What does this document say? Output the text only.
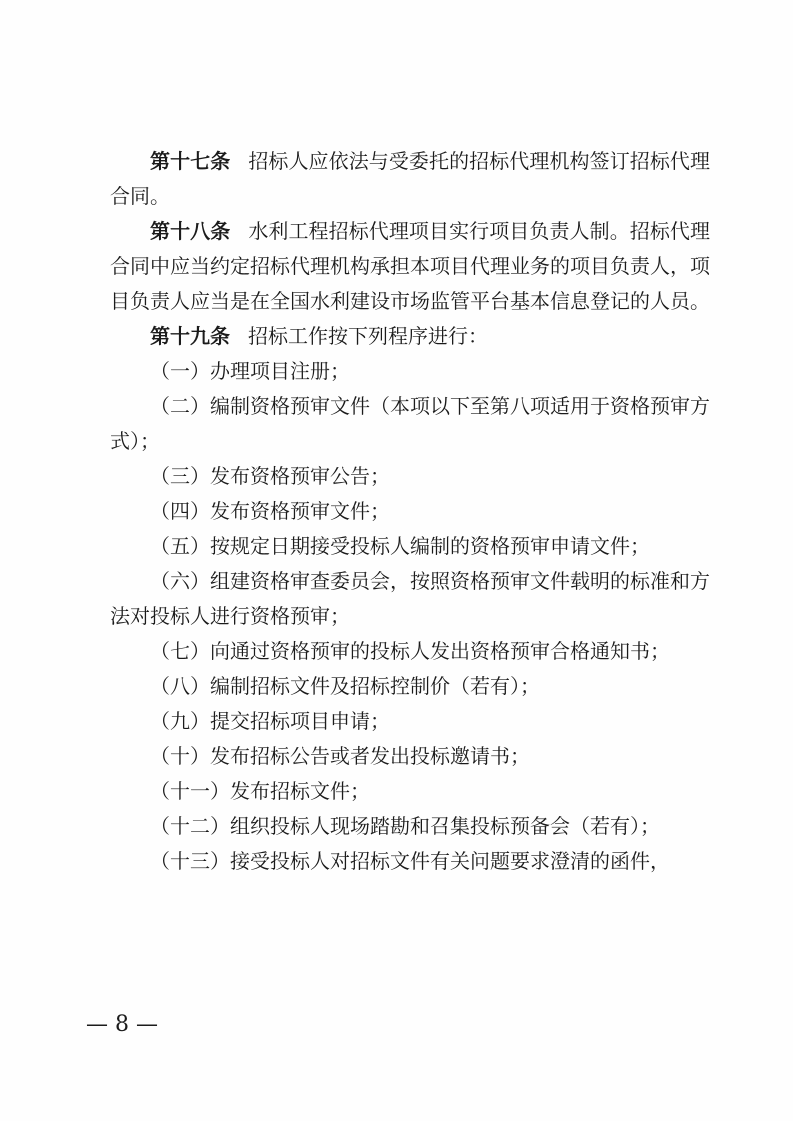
第十七条 招标人应依法与受委托的招标代理机构签订招标代理合同。

第十八条 水利工程招标代理项目实行项目负责人制。招标代理合同中应当约定招标代理机构承担本项目代理业务的项目负责人，项目负责人应当是在全国水利建设市场监管平台基本信息登记的人员。

第十九条 招标工作按下列程序进行：

（一）办理项目注册；

（二）编制资格预审文件（本项以下至第八项适用于资格预审方式）；

（三）发布资格预审公告；

（四）发布资格预审文件；

（五）按规定日期接受投标人编制的资格预审申请文件；

（六）组建资格审查委员会，按照资格预审文件载明的标准和方法对投标人进行资格预审；

（七）向通过资格预审的投标人发出资格预审合格通知书；

（八）编制招标文件及招标控制价（若有）；

（九）提交招标项目申请；

（十）发布招标公告或者发出投标邀请书；

（十一）发布招标文件；

（十二）组织投标人现场踏勘和召集投标预备会（若有）；

（十三）接受投标人对招标文件有关问题要求澄清的函件，

— 8 —
